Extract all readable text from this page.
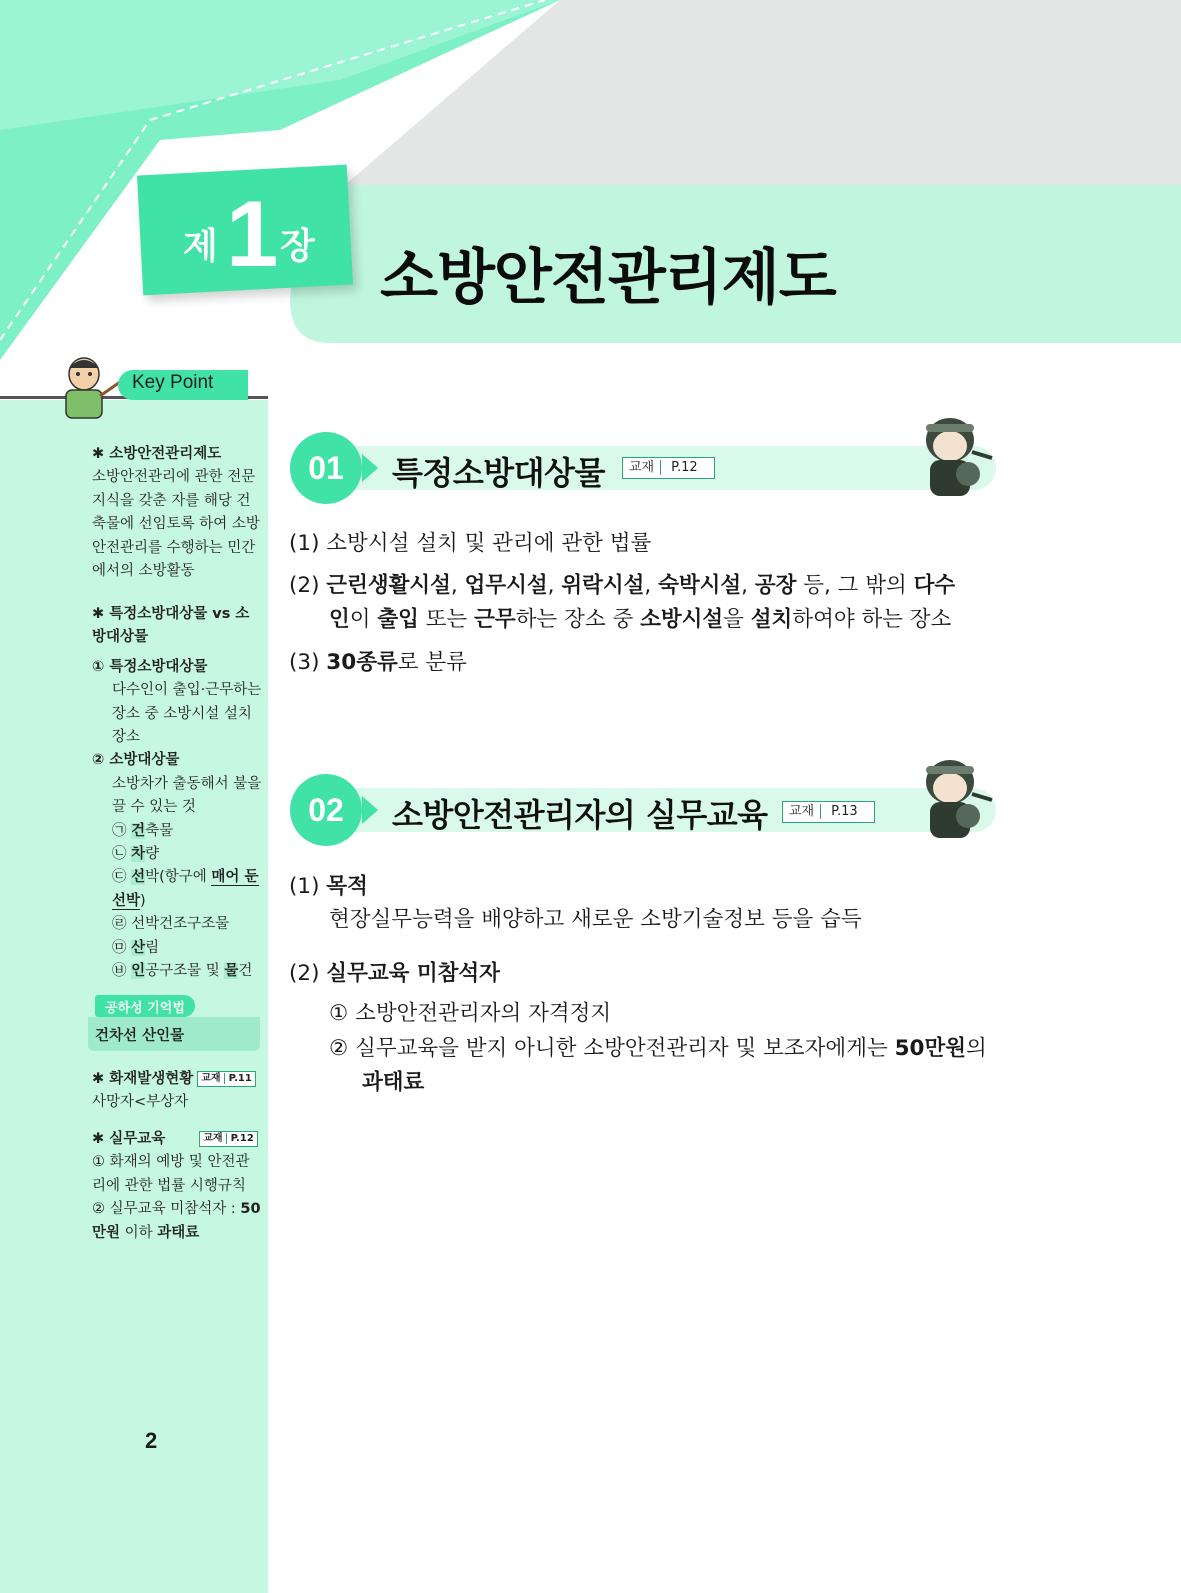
제 1 장 소방안전관리제도
Key Point
✱ 소방안전관리제도
소방안전관리에 관한 전문 지식을 갖춘 자를 해당 건축물에 선임토록 하여 소방안전관리를 수행하는 민간에서의 소방활동
✱ 특정소방대상물 vs 소방대상물
① 특정소방대상물
다수인이 출입·근무하는 장소 중 소방시설 설치장소
② 소방대상물
소방차가 출동해서 불을 끌 수 있는 것
㉠ 건축물
㉡ 차량
㉢ 선박(항구에 매어 둔 선박)
㉣ 선박건조구조물
㉤ 산림
㉥ 인공구조물 및 물건
공하성 기억법
건차선 산인물
✱ 화재발생현황 교재 P.11
사망자<부상자
✱ 실무교육	교재 P.12
① 화재의 예방 및 안전관리에 관한 법률 시행규칙
② 실무교육 미참석자 : 50만원 이하 과태료
2
01	특정소방대상물	교재 P.12
(1) 소방시설 설치 및 관리에 관한 법률
(2) 근린생활시설, 업무시설, 위락시설, 숙박시설, 공장 등, 그 밖의 다수
인이 출입 또는 근무하는 장소 중 소방시설을 설치하여야 하는 장소
(3) 30종류로 분류
02	소방안전관리자의 실무교육	교재 P.13
(1) 목적
현장실무능력을 배양하고 새로운 소방기술정보 등을 습득
(2) 실무교육 미참석자
① 소방안전관리자의 자격정지
② 실무교육을 받지 아니한 소방안전관리자 및 보조자에게는 50만원의
과태료
